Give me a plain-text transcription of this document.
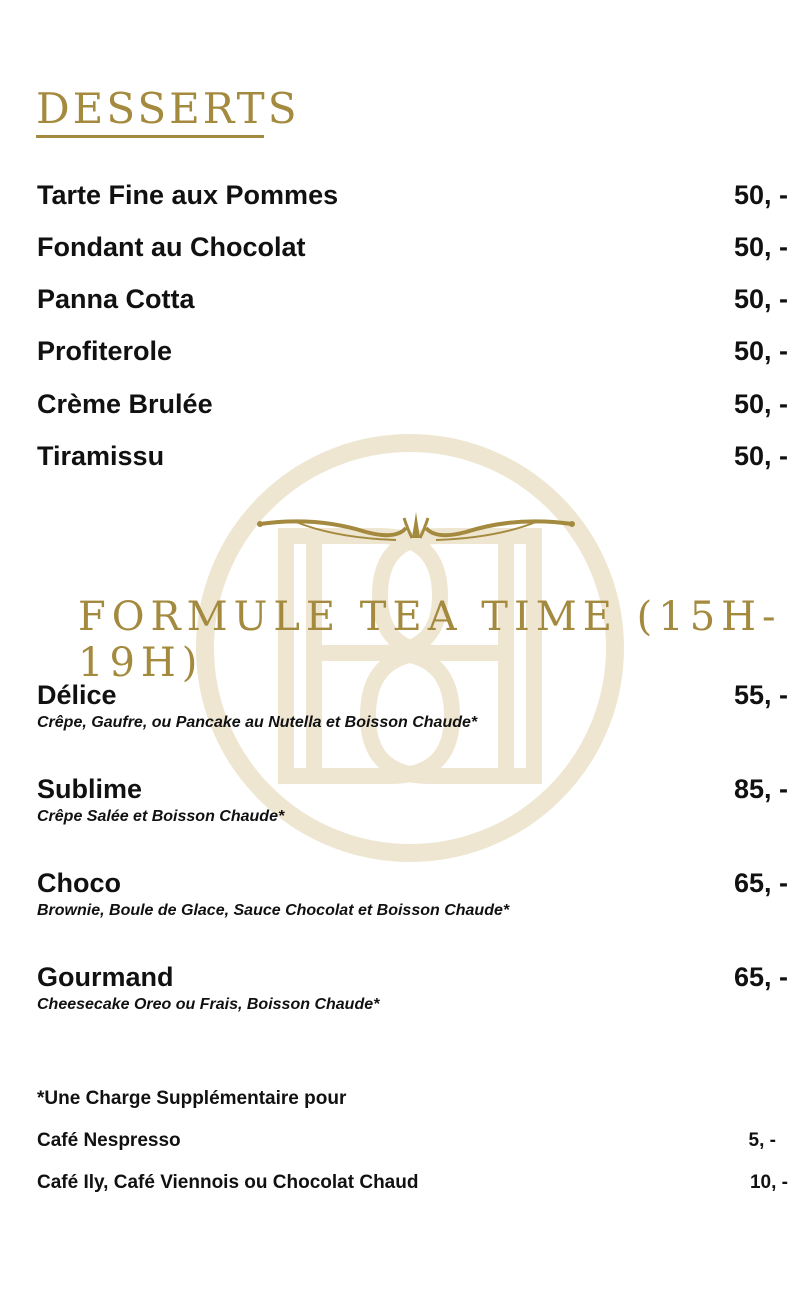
DESSERTS
Tarte Fine aux Pommes	50, -
Fondant au Chocolat	50, -
Panna Cotta	50, -
Profiterole	50, -
Crème Brulée	50, -
Tiramissu	50, -
FORMULE TEA TIME (15H-19H)
Délice	55, -
Crêpe, Gaufre, ou Pancake au Nutella et Boisson Chaude*
Sublime	85, -
Crêpe Salée et Boisson Chaude*
Choco	65, -
Brownie, Boule de Glace, Sauce Chocolat et Boisson Chaude*
Gourmand	65, -
Cheesecake Oreo ou Frais, Boisson Chaude*
*Une Charge Supplémentaire pour
Café Nespresso	5, -
Café Ily, Café Viennois ou Chocolat Chaud	10, -
